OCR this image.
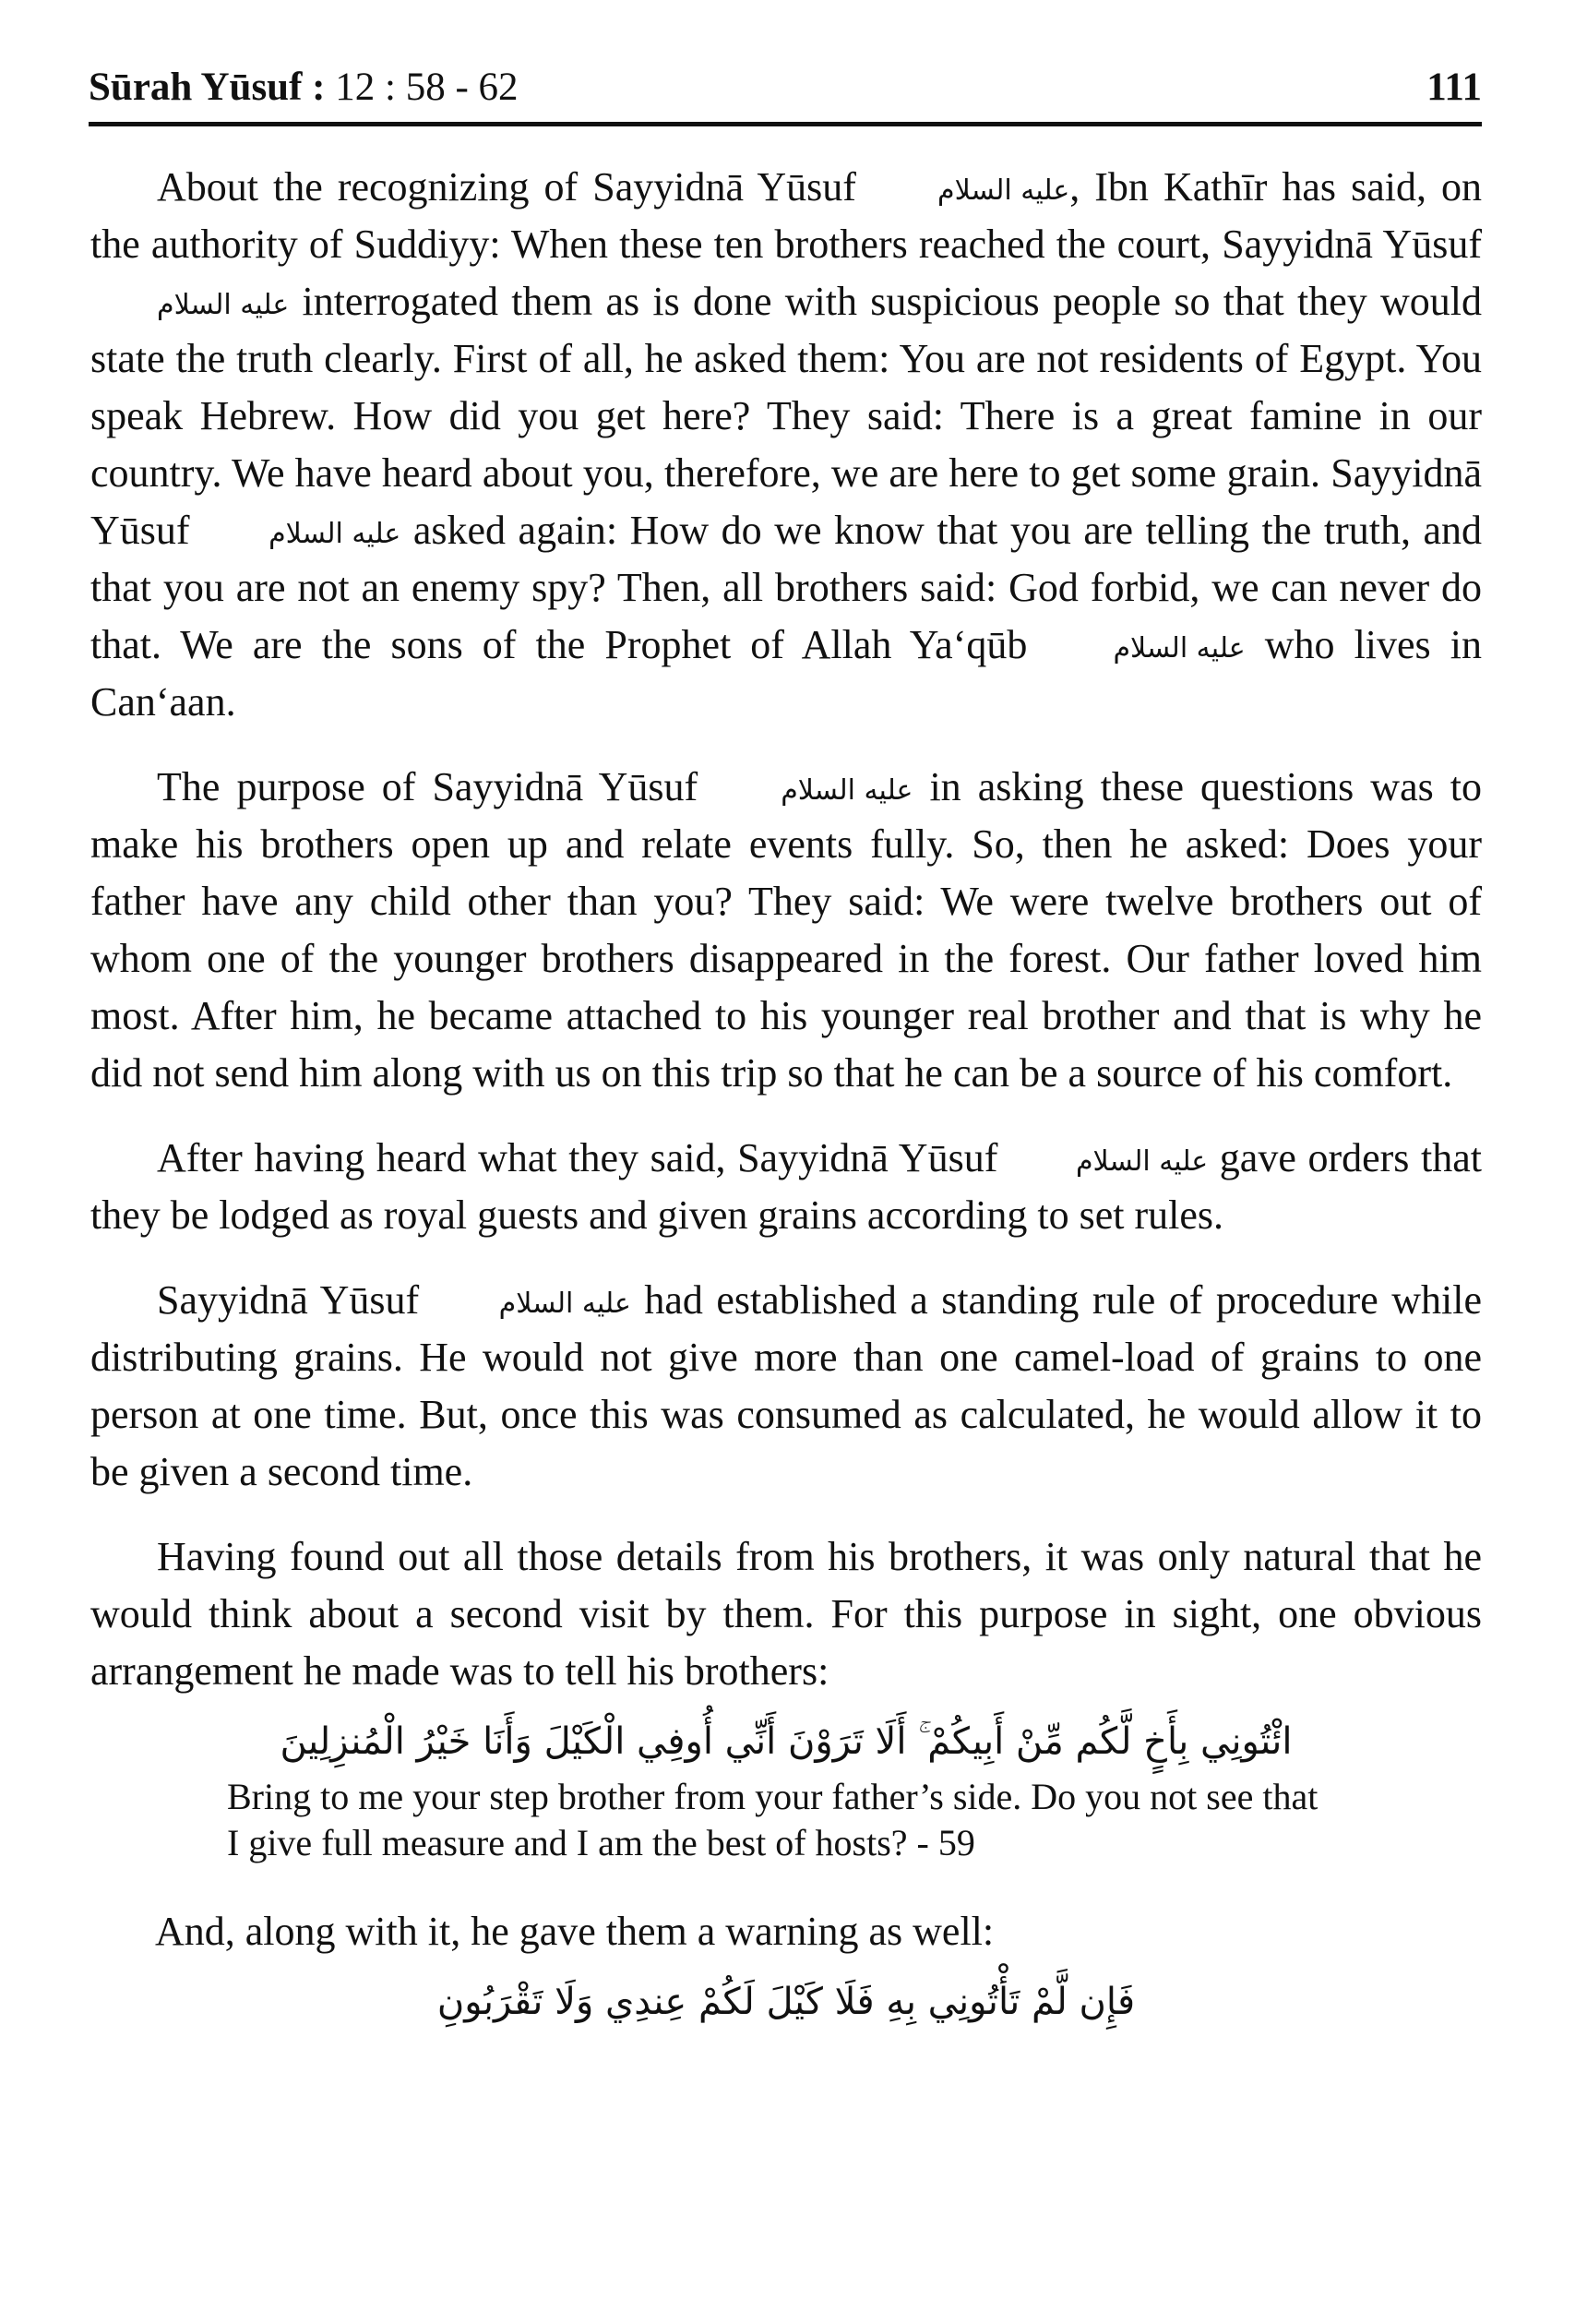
Sūrah Yūsuf : 12 : 58 - 62	111

About the recognizing of Sayyidnā Yūsuf عليه السلام, Ibn Kathīr has said, on the authority of Suddiyy: When these ten brothers reached the court, Sayyidnā Yūsuf عليه السلام interrogated them as is done with suspicious people so that they would state the truth clearly. First of all, he asked them: You are not residents of Egypt. You speak Hebrew. How did you get here? They said: There is a great famine in our country. We have heard about you, therefore, we are here to get some grain. Sayyidnā Yūsuf عليه السلام asked again: How do we know that you are telling the truth, and that you are not an enemy spy? Then, all brothers said: God forbid, we can never do that. We are the sons of the Prophet of Allah Ya‘qūb عليه السلام who lives in Can‘aan.

The purpose of Sayyidnā Yūsuf عليه السلام in asking these questions was to make his brothers open up and relate events fully. So, then he asked: Does your father have any child other than you? They said: We were twelve brothers out of whom one of the younger brothers disappeared in the forest. Our father loved him most. After him, he became attached to his younger real brother and that is why he did not send him along with us on this trip so that he can be a source of his comfort.

After having heard what they said, Sayyidnā Yūsuf عليه السلام gave orders that they be lodged as royal guests and given grains according to set rules.

Sayyidnā Yūsuf عليه السلام had established a standing rule of procedure while distributing grains. He would not give more than one camel-load of grains to one person at one time. But, once this was consumed as calculated, he would allow it to be given a second time.

Having found out all those details from his brothers, it was only natural that he would think about a second visit by them. For this purpose in sight, one obvious arrangement he made was to tell his brothers:

ائْتُونِي بِأَخٍ لَّكُم مِّنْ أَبِيكُمْ ۚ أَلَا تَرَوْنَ أَنِّي أُوفِي الْكَيْلَ وَأَنَا خَيْرُ الْمُنزِلِينَ

Bring to me your step brother from your father’s side. Do you not see that I give full measure and I am the best of hosts? - 59

And, along with it, he gave them a warning as well:

فَإِن لَّمْ تَأْتُونِي بِهِ فَلَا كَيْلَ لَكُمْ عِندِي وَلَا تَقْرَبُونِ
